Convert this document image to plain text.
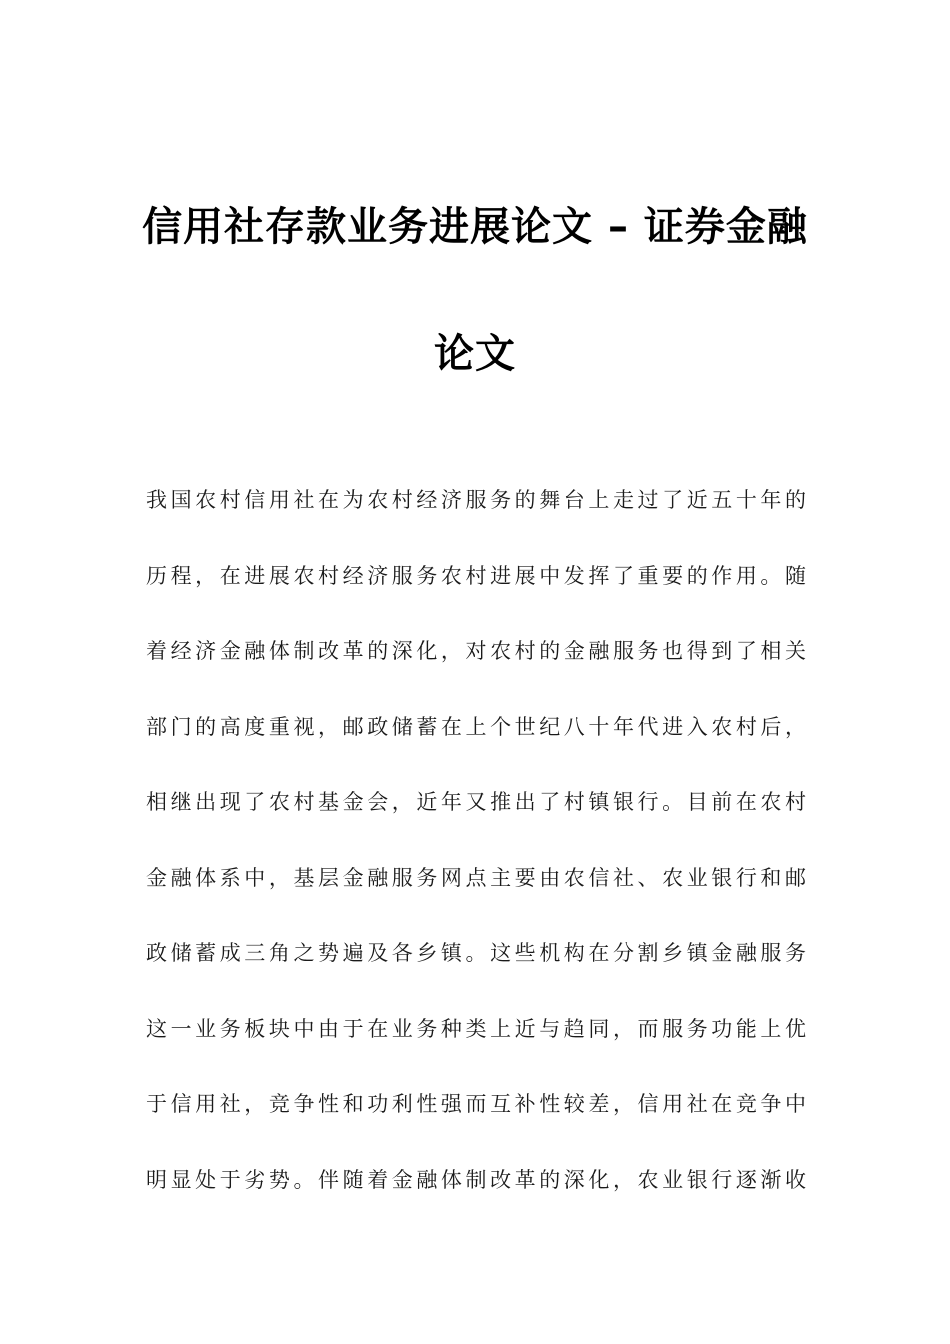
信用社存款业务进展论文 – 证券金融
论文
我国农村信用社在为农村经济服务的舞台上走过了近五十年的
历程，在进展农村经济服务农村进展中发挥了重要的作用。随
着经济金融体制改革的深化，对农村的金融服务也得到了相关
部门的高度重视，邮政储蓄在上个世纪八十年代进入农村后，
相继出现了农村基金会，近年又推出了村镇银行。目前在农村
金融体系中，基层金融服务网点主要由农信社、农业银行和邮
政储蓄成三角之势遍及各乡镇。这些机构在分割乡镇金融服务
这一业务板块中由于在业务种类上近与趋同，而服务功能上优
于信用社，竞争性和功利性强而互补性较差，信用社在竞争中
明显处于劣势。伴随着金融体制改革的深化，农业银行逐渐收
